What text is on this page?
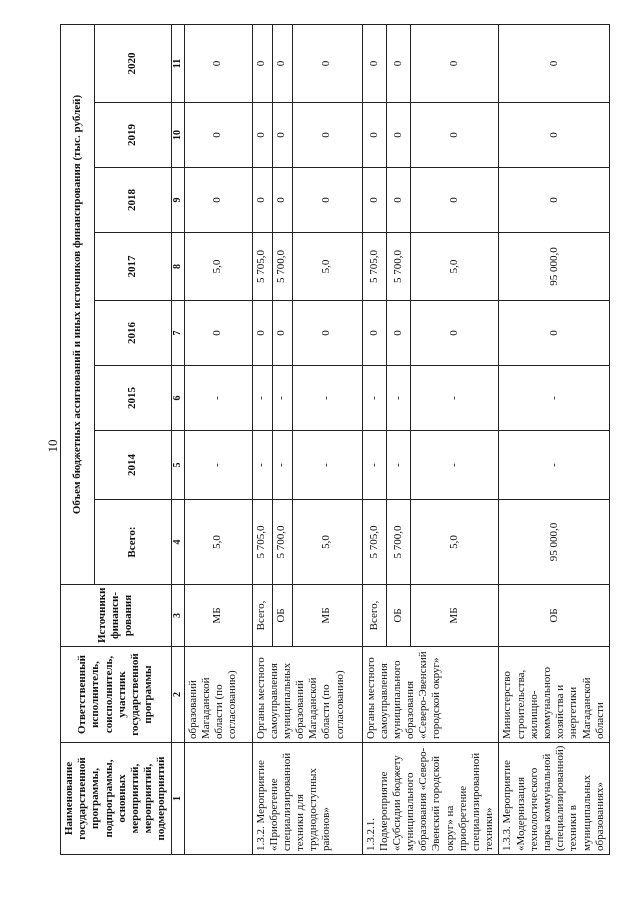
10
Наименование государственной программы, подпрограммы, основных мероприятий, мероприятий, подмероприятий	Ответственный исполнитель, соисполнитель, участник государственной программы	Источники финанси-рования	Объем бюджетных ассигнований и иных источников финансирования (тыс. рублей)							
			Всего:	2014	2015	2016	2017	2018	2019	2020
1	2	3	4	5	6	7	8	9	10	11
	образований Магаданской области (по согласованию)	МБ	5,0	-	-	0	5,0	0	0	0
1.3.2. Мероприятие «Приобретение специализированной техники для труднодоступных районов»	Органы местного самоуправления муниципальных образований Магаданской области (по согласованию)	Всего,	5 705,0	-	-	0	5 705,0	0	0	0
		ОБ	5 700,0	-	-	0	5 700,0	0	0	0
		МБ	5,0	-	-	0	5,0	0	0	0
1.3.2.1. Подмероприятие «Субсидии бюджету муниципального образования «Северо-Эвенский городской округ» на приобретение специализированной техники»	Органы местного самоуправления муниципального образования «Северо-Эвенский городской округ»	Всего,	5 705,0	-	-	0	5 705,0	0	0	0
		ОБ	5 700,0	-	-	0	5 700,0	0	0	0
		МБ	5,0	-	-	0	5,0	0	0	0
1.3.3. Мероприятие «Модернизация технологического парка коммунальной (специализированной) техники в муниципальных образованиях»	Министерство строительства, жилищно-коммунального хозяйства и энергетики Магаданской области	ОБ	95 000,0	-	-	0	95 000,0	0	0	0
